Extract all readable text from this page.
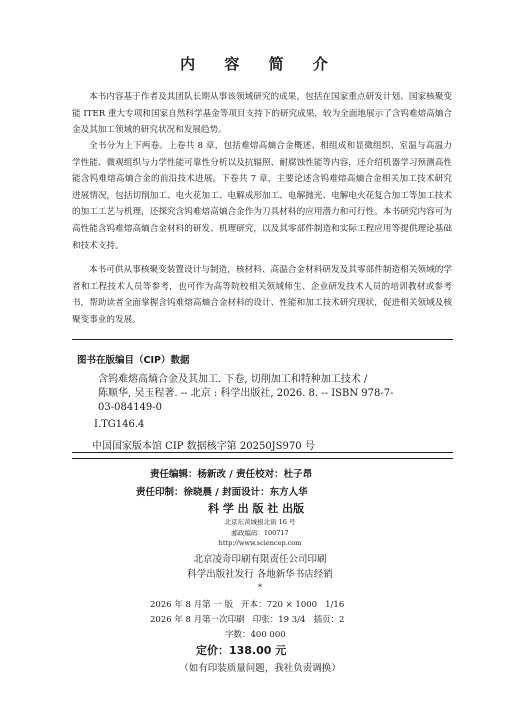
内 容 简 介

本书内容基于作者及其团队长期从事该领域研究的成果，包括在国家重点研发计划、国家核聚变能 ITER 重大专项和国家自然科学基金等项目支持下的研究成果，较为全面地展示了含钨难熔高熵合金及其加工领域的研究状况和发展趋势。

全书分为上下两卷。上卷共 8 章，包括难熔高熵合金概述、相组成和显微组织、室温与高温力学性能、微观组织与力学性能可靠性分析以及抗辐照、耐腐蚀性能等内容，还介绍机器学习预测高性能含钨难熔高熵合金的前沿技术进展。下卷共 7 章，主要论述含钨难熔高熵合金相关加工技术研究进展情况，包括切削加工、电火花加工、电解成形加工、电解抛光、电解电火花复合加工等加工技术的加工工艺与机理，还探究含钨难熔高熵合金作为刀具材料的应用潜力和可行性。本书研究内容可为高性能含钨难熔高熵合金材料的研发、机理研究，以及其零部件制造和实际工程应用等提供理论基础和技术支持。

本书可供从事核聚变装置设计与制造，核材料、高温合金材料研发及其零部件制造相关领域的学者和工程技术人员等参考，也可作为高等院校相关领域师生、企业研发技术人员的培训教材或参考书，帮助读者全面掌握含钨难熔高熵合金材料的设计、性能和加工技术研究现状，促进相关领域及核聚变事业的发展。

图书在版编目（CIP）数据
含钨难熔高熵合金及其加工. 下卷, 切削加工和特种加工技术 /
陈顺华, 吴玉程著. -- 北京 : 科学出版社, 2026. 8. -- ISBN 978-7-
03-084149-0
Ⅰ.TG146.4
中国国家版本馆 CIP 数据核字第 20250JS970 号
责任编辑：杨新改 / 责任校对：杜子昂
责任印制：徐晓晨 / 封面设计：东方人华
科 学 出 版 社 出版
北京东黄城根北街 16 号
邮政编码：100717
http://www.sciencep.com
北京凌奇印刷有限责任公司印刷
科学出版社发行 各地新华书店经销
*
2026 年 8 月第 一 版   开本：720 × 1000   1/16
2026 年 8 月第一次印刷   印张：19 3/4   插页：2
字数：400 000
定价：138.00 元
（如有印装质量问题，我社负责调换）
